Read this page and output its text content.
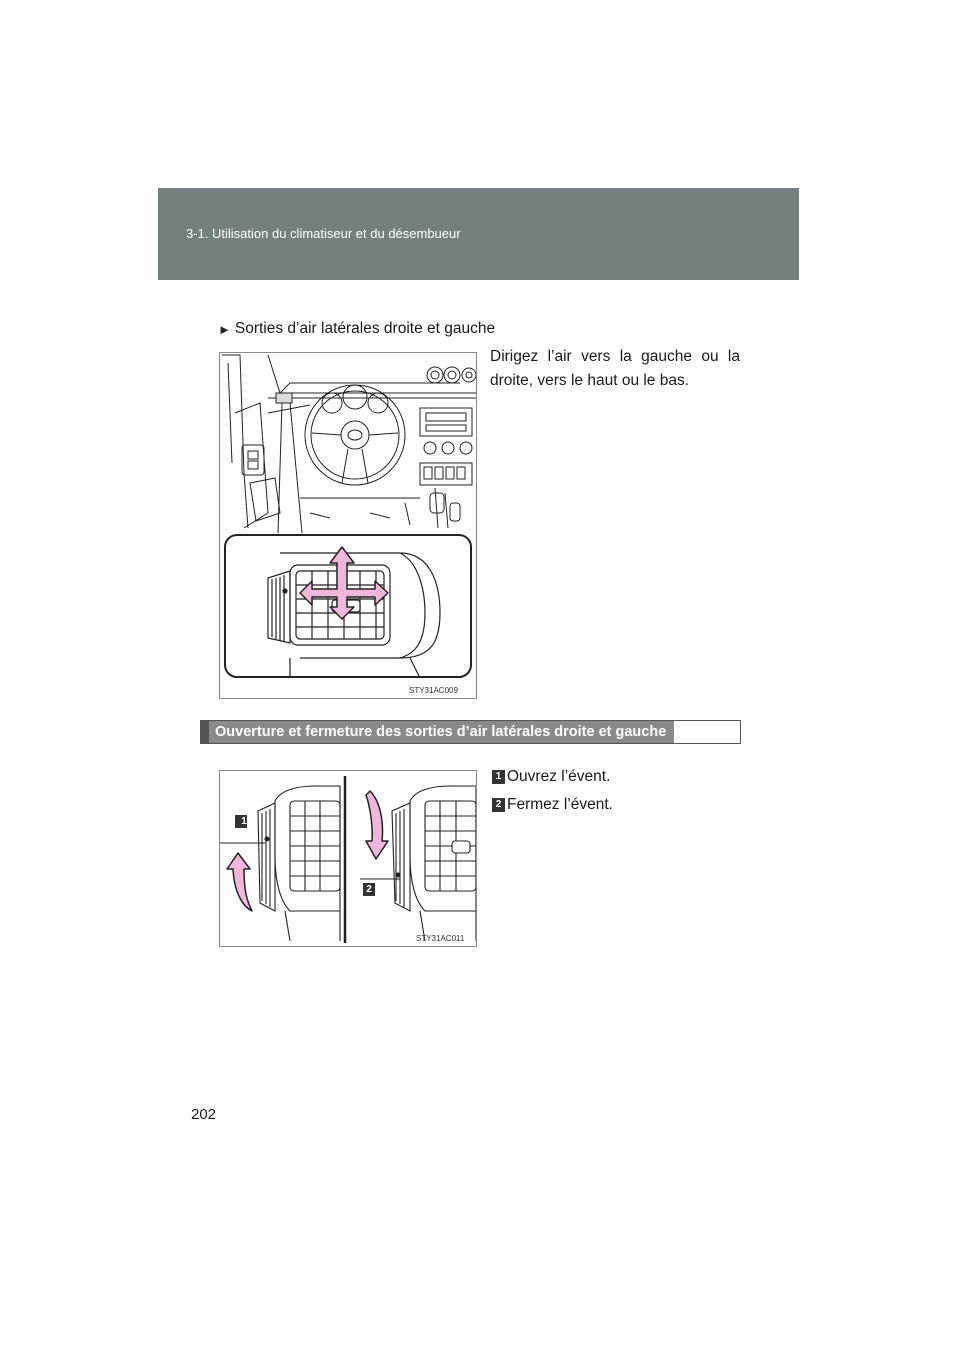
3-1. Utilisation du climatiseur et du désembueur
► Sorties d’air latérales droite et gauche
STY31AC009
Dirigez l’air vers la gauche ou la droite, vers le haut ou le bas.
Ouverture et fermeture des sorties d’air latérales droite et gauche
1
2
STY31AC011
1 Ouvrez l’évent.
2 Fermez l’évent.
202
